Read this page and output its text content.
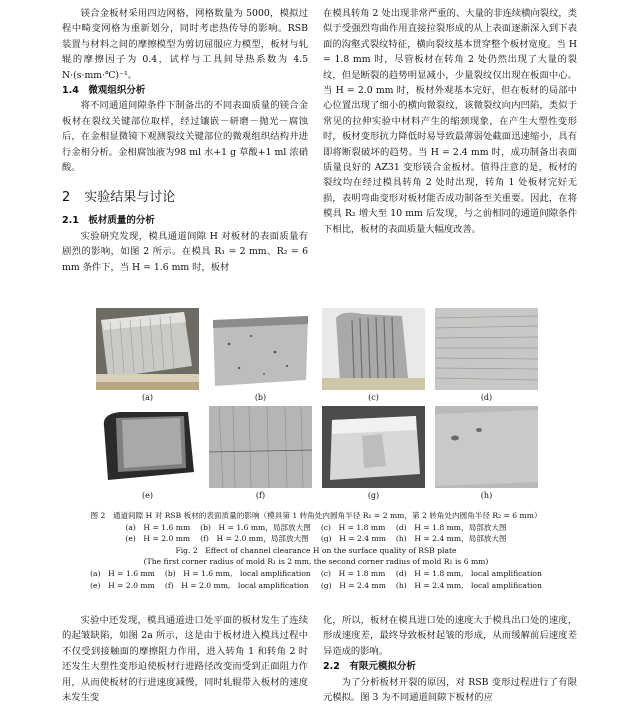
镁合金板材采用四边网格，网格数量为 5000，模拟过程中畸变网格为重新划分，同时考虑热传导的影响。RSB 装置与材料之间的摩擦模型为剪切屈服应力模型，板材与轧辊的摩擦因子为 0.4，试样与工具间导热系数为 4.5 N·(s·mm·℃)⁻¹。

1.4　微观组织分析

将不同通道间隙条件下制备出的不同表面质量的镁合金板材在裂纹关键部位取样，经过镶嵌－研磨－抛光－腐蚀后，在金相显微镜下观测裂纹关键部位的微观组织结构并进行金相分析。金相腐蚀液为98 ml 水+1 g 草酸+1 ml 浓硝酸。

2 实验结果与讨论
2.1　板材质量的分析

实验研究发现，模具通道间隙 H 对板材的表面质量有剧烈的影响，如图 2 所示。在模具 R₁ = 2 mm、R₂ = 6 mm 条件下，当 H = 1.6 mm 时，板材

在模具转角 2 处出现非常严重的、大量的非连续横向裂纹，类似于受强烈弯曲作用直接拉裂形成的从上表面逐渐深入到下表面的沟壑式裂纹特征，横向裂纹基本贯穿整个板材宽度。当 H = 1.8 mm 时，尽管板材在转角 2 处仍然出现了大量的裂纹，但是断裂的趋势明显减小，少量裂纹仅出现在板面中心。当 H = 2.0 mm 时，板材外观基本完好，但在板材的局部中心位置出现了细小的横向微裂纹，该微裂纹向内凹陷，类似于常见的拉伸实验中材料产生的缩颈现象，在产生大塑性变形时，板材变形抗力降低时易导致最薄弱处截面迅速缩小，具有即将断裂破坏的趋势。当 H = 2.4 mm 时，成功制备出表面质量良好的 AZ31 变形镁合金板材。值得注意的是，板材的裂纹均在经过模具转角 2 处时出现，转角 1 处板材完好无损，表明弯曲变形对板材能否成功制备至关重要。因此，在将模具 R₂ 增大至 10 mm 后发现，与之前相同的通道间隙条件下相比，板材的表面质量大幅度改善。

(a)	(b)	(c)	(d)
(e)	(f)	(g)	(h)
图 2　通道间隙 H 对 RSB 板材的表面质量的影响（模具第 1 转角处内圆角半径 R₁ = 2 mm，第 2 转角处内圆角半径 R₂ = 6 mm）
(a)　H = 1.6 mm (b)　H = 1.6 mm，局部放大图 (c)　H = 1.8 mm (d)　H = 1.8 mm，局部放大图
(e)　H = 2.0 mm (f)　H = 2.0 mm，局部放大图 (g)　H = 2.4 mm (h)　H = 2.4 mm，局部放大图
Fig. 2　Effect of channel clearance H on the surface quality of RSB plate
(The first corner radius of mold R₁ is 2 mm, the second corner radius of mold R₂ is 6 mm)
(a)　H = 1.6 mm (b)　H = 1.6 mm,　local amplification (c)　H = 1.8 mm (d)　H = 1.8 mm,　local amplification
(e)　H = 2.0 mm (f)　H = 2.0 mm,　local amplification (g)　H = 2.4 mm (h)　H = 2.4 mm,　local amplification

实验中还发现，模具通道进口处平面的板材发生了连续的起皱缺陷，如图 2a 所示，这是由于板材进入模具过程中不仅受到接触面的摩擦阻力作用，进入转角 1 和转角 2 时还发生大塑性变形迫使板材行进路径改变而受到正面阻力作用，从而使板材的行进速度减慢，同时轧辊带入板材的速度未发生变

化，所以，板材在模具进口处的速度大于模具出口处的速度，形成速度差，最终导致板材起皱的形成，从而缓解前后速度差异造成的影响。

2.2　有限元模拟分析

为了分析板材开裂的原因，对 RSB 变形过程进行了有限元模拟。图 3 为不同通道间隙下板材的应
